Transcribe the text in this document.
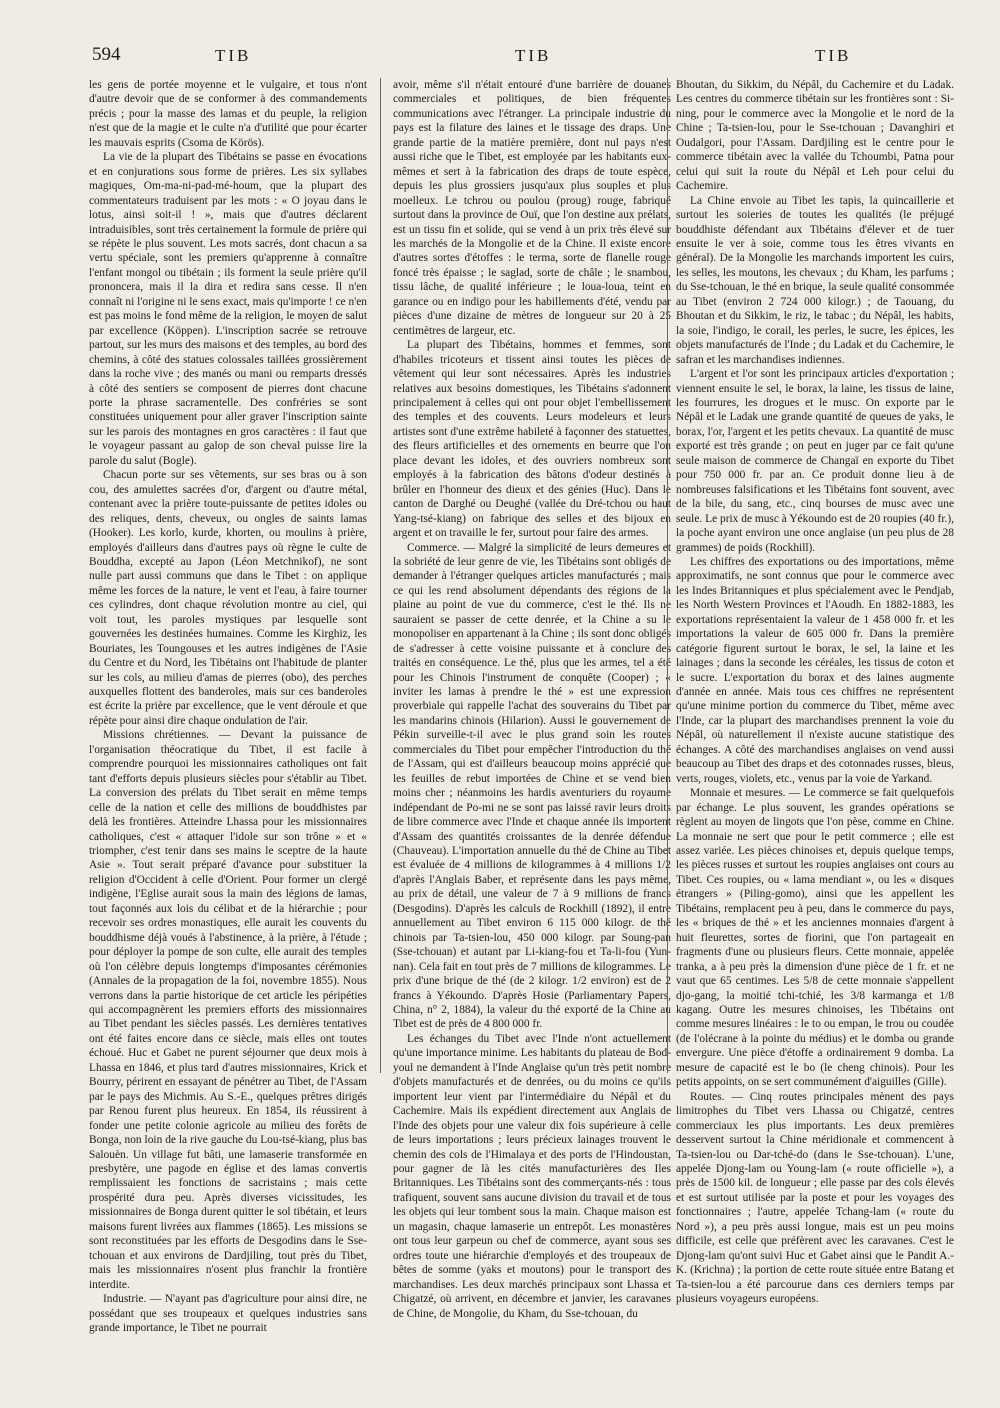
594	TIB	TIB	TIB

les gens de portée moyenne et le vulgaire, et tous n'ont d'autre devoir que de se conformer à des commandements précis ; pour la masse des lamas et du peuple, la religion n'est que de la magie et le culte n'a d'utilité que pour écarter les mauvais esprits (Csoma de Körös).

La vie de la plupart des Tibétains se passe en évocations et en conjurations sous forme de prières. Les six syllabes magiques, Om-ma-ni-pad-mé-houm, que la plupart des commentateurs traduisent par les mots : « O joyau dans le lotus, ainsi soit-il ! », mais que d'autres déclarent intraduisibles, sont très certainement la formule de prière qui se répète le plus souvent. Les mots sacrés, dont chacun a sa vertu spéciale, sont les premiers qu'apprenne à connaître l'enfant mongol ou tibétain ; ils forment la seule prière qu'il prononcera, mais il la dira et redira sans cesse. Il n'en connaît ni l'origine ni le sens exact, mais qu'importe ! ce n'en est pas moins le fond même de la religion, le moyen de salut par excellence (Köppen). L'inscription sacrée se retrouve partout, sur les murs des maisons et des temples, au bord des chemins, à côté des statues colossales taillées grossièrement dans la roche vive ; des manés ou mani ou remparts dressés à côté des sentiers se composent de pierres dont chacune porte la phrase sacramentelle. Des confréries se sont constituées uniquement pour aller graver l'inscription sainte sur les parois des montagnes en gros caractères : il faut que le voyageur passant au galop de son cheval puisse lire la parole du salut (Bogle).

Chacun porte sur ses vêtements, sur ses bras ou à son cou, des amulettes sacrées d'or, d'argent ou d'autre métal, contenant avec la prière toute-puissante de petites idoles ou des reliques, dents, cheveux, ou ongles de saints lamas (Hooker). Les korlo, kurde, khorten, ou moulins à prière, employés d'ailleurs dans d'autres pays où règne le culte de Bouddha, excepté au Japon (Léon Metchnikof), ne sont nulle part aussi communs que dans le Tibet : on applique même les forces de la nature, le vent et l'eau, à faire tourner ces cylindres, dont chaque révolution montre au ciel, qui voit tout, les paroles mystiques par lesquelle sont gouvernées les destinées humaines. Comme les Kirghiz, les Bouriates, les Toungouses et les autres indigènes de l'Asie du Centre et du Nord, les Tibétains ont l'habitude de planter sur les cols, au milieu d'amas de pierres (obo), des perches auxquelles flottent des banderoles, mais sur ces banderoles est écrite la prière par excellence, que le vent déroule et que répète pour ainsi dire chaque ondulation de l'air.

Missions chrétiennes. — Devant la puissance de l'organisation théocratique du Tibet, il est facile à comprendre pourquoi les missionnaires catholiques ont fait tant d'efforts depuis plusieurs siècles pour s'établir au Tibet. La conversion des prélats du Tibet serait en même temps celle de la nation et celle des millions de bouddhistes par delà les frontières. Atteindre Lhassa pour les missionnaires catholiques, c'est « attaquer l'idole sur son trône » et « triompher, c'est tenir dans ses mains le sceptre de la haute Asie ». Tout serait préparé d'avance pour substituer la religion d'Occident à celle d'Orient. Pour former un clergé indigène, l'Eglise aurait sous la main des légions de lamas, tout façonnés aux lois du célibat et de la hiérarchie ; pour recevoir ses ordres monastiques, elle aurait les couvents du bouddhisme déjà voués à l'abstinence, à la prière, à l'étude ; pour déployer la pompe de son culte, elle aurait des temples où l'on célèbre depuis longtemps d'imposantes cérémonies (Annales de la propagation de la foi, novembre 1855). Nous verrons dans la partie historique de cet article les péripéties qui accompagnèrent les premiers efforts des missionnaires au Tibet pendant les siècles passés. Les dernières tentatives ont été faites encore dans ce siècle, mais elles ont toutes échoué. Huc et Gabet ne purent séjourner que deux mois à Lhassa en 1846, et plus tard d'autres missionnaires, Krick et Bourry, périrent en essayant de pénétrer au Tibet, de l'Assam par le pays des Michmis. Au S.-E., quelques prêtres dirigés par Renou furent plus heureux. En 1854, ils réussirent à fonder une petite colonie agricole au milieu des forêts de Bonga, non loin de la rive gauche du Lou-tsé-kiang, plus bas Salouèn. Un village fut bâti, une lamaserie transformée en presbytère, une pagode en église et des lamas convertis remplissaient les fonctions de sacristains ; mais cette prospérité dura peu. Après diverses vicissitudes, les missionnaires de Bonga durent quitter le sol tibétain, et leurs maisons furent livrées aux flammes (1865). Les missions se sont reconstituées par les efforts de Desgodins dans le Sse-tchouan et aux environs de Dardjiling, tout près du Tibet, mais les missionnaires n'osent plus franchir la frontière interdite.

Industrie. — N'ayant pas d'agriculture pour ainsi dire, ne possédant que ses troupeaux et quelques industries sans grande importance, le Tibet ne pourrait

avoir, même s'il n'était entouré d'une barrière de douanes commerciales et politiques, de bien fréquentes communications avec l'étranger. La principale industrie du pays est la filature des laines et le tissage des draps. Une grande partie de la matière première, dont nul pays n'est aussi riche que le Tibet, est employée par les habitants eux-mêmes et sert à la fabrication des draps de toute espèce, depuis les plus grossiers jusqu'aux plus souples et plus moelleux. Le tchrou ou poulou (proug) rouge, fabriqué surtout dans la province de Ouï, que l'on destine aux prélats, est un tissu fin et solide, qui se vend à un prix très élevé sur les marchés de la Mongolie et de la Chine. Il existe encore d'autres sortes d'étoffes : le terma, sorte de flanelle rouge foncé très épaisse ; le saglad, sorte de châle ; le snambou, tissu lâche, de qualité inférieure ; le loua-loua, teint en garance ou en indigo pour les habillements d'été, vendu par pièces d'une dizaine de mètres de longueur sur 20 à 25 centimètres de largeur, etc.

La plupart des Tibétains, hommes et femmes, sont d'habiles tricoteurs et tissent ainsi toutes les pièces de vêtement qui leur sont nécessaires. Après les industries relatives aux besoins domestiques, les Tibétains s'adonnent principalement à celles qui ont pour objet l'embellissement des temples et des couvents. Leurs modeleurs et leurs artistes sont d'une extrême habileté à façonner des statuettes, des fleurs artificielles et des ornements en beurre que l'on place devant les idoles, et des ouvriers nombreux sont employés à la fabrication des bâtons d'odeur destinés à brûler en l'honneur des dieux et des génies (Huc). Dans le canton de Darghé ou Deughé (vallée du Dré-tchou ou haut Yang-tsé-kiang) on fabrique des selles et des bijoux en argent et on travaille le fer, surtout pour faire des armes.

Commerce. — Malgré la simplicité de leurs demeures et la sobriété de leur genre de vie, les Tibétains sont obligés de demander à l'étranger quelques articles manufacturés ; mais ce qui les rend absolument dépendants des régions de la plaine au point de vue du commerce, c'est le thé. Ils ne sauraient se passer de cette denrée, et la Chine a su le monopoliser en appartenant à la Chine ; ils sont donc obligés de s'adresser à cette voisine puissante et à conclure des traités en conséquence. Le thé, plus que les armes, tel a été pour les Chinois l'instrument de conquête (Cooper) ; « inviter les lamas à prendre le thé » est une expression proverbiale qui rappelle l'achat des souverains du Tibet par les mandarins chinois (Hilarion). Aussi le gouvernement de Pékin surveille-t-il avec le plus grand soin les routes commerciales du Tibet pour empêcher l'introduction du thé de l'Assam, qui est d'ailleurs beaucoup moins apprécié que les feuilles de rebut importées de Chine et se vend bien moins cher ; néanmoins les hardis aventuriers du royaume indépendant de Po-mi ne se sont pas laissé ravir leurs droits de libre commerce avec l'Inde et chaque année ils importent d'Assam des quantités croissantes de la denrée défendue (Chauveau). L'importation annuelle du thé de Chine au Tibet est évaluée de 4 millions de kilogrammes à 4 millions 1/2 d'après l'Anglais Baber, et représente dans les pays même, au prix de détail, une valeur de 7 à 9 millions de francs (Desgodins). D'après les calculs de Rockhill (1892), il entre annuellement au Tibet environ 6 115 000 kilogr. de thé chinois par Ta-tsien-lou, 450 000 kilogr. par Soung-pan (Sse-tchouan) et autant par Li-kiang-fou et Ta-li-fou (Yun-nan). Cela fait en tout près de 7 millions de kilogrammes. Le prix d'une brique de thé (de 2 kilogr. 1/2 environ) est de 2 francs à Yékoundo. D'après Hosie (Parliamentary Papers, China, n° 2, 1884), la valeur du thé exporté de la Chine au Tibet est de près de 4 800 000 fr.

Les échanges du Tibet avec l'Inde n'ont actuellement qu'une importance minime. Les habitants du plateau de Bod-youl ne demandent à l'Inde Anglaise qu'un très petit nombre d'objets manufacturés et de denrées, ou du moins ce qu'ils importent leur vient par l'intermédiaire du Népâl et du Cachemire. Mais ils expédient directement aux Anglais de l'Inde des objets pour une valeur dix fois supérieure à celle de leurs importations ; leurs précieux lainages trouvent le chemin des cols de l'Himalaya et des ports de l'Hindoustan, pour gagner de là les cités manufacturières des Iles Britanniques. Les Tibétains sont des commerçants-nés : tous trafiquent, souvent sans aucune division du travail et de tous les objets qui leur tombent sous la main. Chaque maison est un magasin, chaque lamaserie un entrepôt. Les monastères ont tous leur garpeun ou chef de commerce, ayant sous ses ordres toute une hiérarchie d'employés et des troupeaux de bêtes de somme (yaks et moutons) pour le transport des marchandises. Les deux marchés principaux sont Lhassa et Chigatzé, où arrivent, en décembre et janvier, les caravanes de Chine, de Mongolie, du Kham, du Sse-tchouan, du

Bhoutan, du Sikkim, du Népâl, du Cachemire et du Ladak. Les centres du commerce tibétain sur les frontières sont : Si-ning, pour le commerce avec la Mongolie et le nord de la Chine ; Ta-tsien-lou, pour le Sse-tchouan ; Davanghiri et Oudalgori, pour l'Assam. Dardjiling est le centre pour le commerce tibétain avec la vallée du Tchoumbi, Patna pour celui qui suit la route du Népâl et Leh pour celui du Cachemire.

La Chine envoie au Tibet les tapis, la quincaillerie et surtout les soieries de toutes les qualités (le préjugé bouddhiste défendant aux Tibétains d'élever et de tuer ensuite le ver à soie, comme tous les êtres vivants en général). De la Mongolie les marchands importent les cuirs, les selles, les moutons, les chevaux ; du Kham, les parfums ; du Sse-tchouan, le thé en brique, la seule qualité consommée au Tibet (environ 2 724 000 kilogr.) ; de Taouang, du Bhoutan et du Sikkim, le riz, le tabac ; du Népâl, les habits, la soie, l'indigo, le corail, les perles, le sucre, les épices, les objets manufacturés de l'Inde ; du Ladak et du Cachemire, le safran et les marchandises indiennes.

L'argent et l'or sont les principaux articles d'exportation ; viennent ensuite le sel, le borax, la laine, les tissus de laine, les fourrures, les drogues et le musc. On exporte par le Népâl et le Ladak une grande quantité de queues de yaks, le borax, l'or, l'argent et les petits chevaux. La quantité de musc exporté est très grande ; on peut en juger par ce fait qu'une seule maison de commerce de Changaï en exporte du Tibet pour 750 000 fr. par an. Ce produit donne lieu à de nombreuses falsifications et les Tibétains font souvent, avec de la bile, du sang, etc., cinq bourses de musc avec une seule. Le prix de musc à Yékoundo est de 20 roupies (40 fr.), la poche ayant environ une once anglaise (un peu plus de 28 grammes) de poids (Rockhill).

Les chiffres des exportations ou des importations, même approximatifs, ne sont connus que pour le commerce avec les Indes Britanniques et plus spécialement avec le Pendjab, les North Western Provinces et l'Aoudh. En 1882-1883, les exportations représentaient la valeur de 1 458 000 fr. et les importations la valeur de 605 000 fr. Dans la première catégorie figurent surtout le borax, le sel, la laine et les lainages ; dans la seconde les céréales, les tissus de coton et le sucre. L'exportation du borax et des laines augmente d'année en année. Mais tous ces chiffres ne représentent qu'une minime portion du commerce du Tibet, même avec l'Inde, car la plupart des marchandises prennent la voie du Népâl, où naturellement il n'existe aucune statistique des échanges. A côté des marchandises anglaises on vend aussi beaucoup au Tibet des draps et des cotonnades russes, bleus, verts, rouges, violets, etc., venus par la voie de Yarkand.

Monnaie et mesures. — Le commerce se fait quelquefois par échange. Le plus souvent, les grandes opérations se règlent au moyen de lingots que l'on pèse, comme en Chine. La monnaie ne sert que pour le petit commerce ; elle est assez variée. Les pièces chinoises et, depuis quelque temps, les pièces russes et surtout les roupies anglaises ont cours au Tibet. Ces roupies, ou « lama mendiant », ou les « disques étrangers » (Piling-gomo), ainsi que les appellent les Tibétains, remplacent peu à peu, dans le commerce du pays, les « briques de thé » et les anciennes monnaies d'argent à huit fleurettes, sortes de fiorini, que l'on partageait en fragments d'une ou plusieurs fleurs. Cette monnaie, appelée tranka, a à peu près la dimension d'une pièce de 1 fr. et ne vaut que 65 centimes. Les 5/8 de cette monnaie s'appellent djo-gang, la moitié tchi-tchié, les 3/8 karmanga et 1/8 kagang. Outre les mesures chinoises, les Tibétains ont comme mesures linéaires : le to ou empan, le trou ou coudée (de l'olécrane à la pointe du médius) et le domba ou grande envergure. Une pièce d'étoffe a ordinairement 9 domba. La mesure de capacité est le bo (le cheng chinois). Pour les petits appoints, on se sert communément d'aiguilles (Gille).

Routes. — Cinq routes principales mènent des pays limitrophes du Tibet vers Lhassa ou Chigatzé, centres commerciaux les plus importants. Les deux premières desservent surtout la Chine méridionale et commencent à Ta-tsien-lou ou Dar-tché-do (dans le Sse-tchouan). L'une, appelée Djong-lam ou Young-lam (« route officielle »), a près de 1500 kil. de longueur ; elle passe par des cols élevés et est surtout utilisée par la poste et pour les voyages des fonctionnaires ; l'autre, appelée Tchang-lam (« route du Nord »), a peu près aussi longue, mais est un peu moins difficile, est celle que préfèrent avec les caravanes. C'est le Djong-lam qu'ont suivi Huc et Gabet ainsi que le Pandit A.-K. (Krichna) ; la portion de cette route située entre Batang et Ta-tsien-lou a été parcourue dans ces derniers temps par plusieurs voyageurs européens.
